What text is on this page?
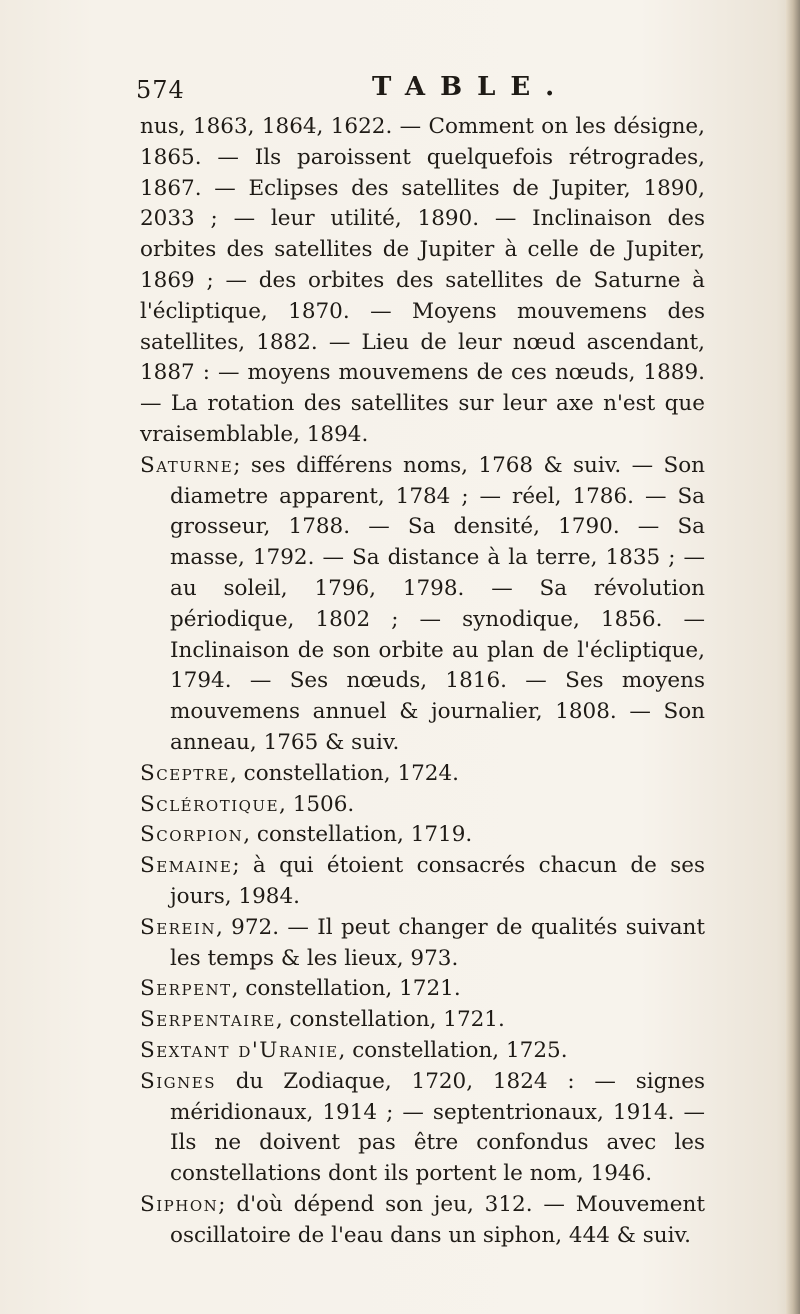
574	TABLE.

nus, 1863, 1864, 1622. — Comment on les désigne, 1865. — Ils paroissent quelquefois rétrogrades, 1867. — Eclipses des satellites de Jupiter, 1890, 2033 ; — leur utilité, 1890. — Inclinaison des orbites des satellites de Jupiter à celle de Jupiter, 1869 ; — des orbites des satellites de Saturne à l'écliptique, 1870. — Moyens mouvemens des satellites, 1882. — Lieu de leur nœud ascendant, 1887 : — moyens mouvemens de ces nœuds, 1889. — La rotation des satellites sur leur axe n'est que vraisemblable, 1894.

Saturne; ses différens noms, 1768 & suiv. — Son diametre apparent, 1784 ; — réel, 1786. — Sa grosseur, 1788. — Sa densité, 1790. — Sa masse, 1792. — Sa distance à la terre, 1835 ; — au soleil, 1796, 1798. — Sa révolution périodique, 1802 ; — synodique, 1856. — Inclinaison de son orbite au plan de l'écliptique, 1794. — Ses nœuds, 1816. — Ses moyens mouvemens annuel & journalier, 1808. — Son anneau, 1765 & suiv.

Sceptre, constellation, 1724.

Sclérotique, 1506.

Scorpion, constellation, 1719.

Semaine; à qui étoient consacrés chacun de ses jours, 1984.

Serein, 972. — Il peut changer de qualités suivant les temps & les lieux, 973.

Serpent, constellation, 1721.

Serpentaire, constellation, 1721.

Sextant d'Uranie, constellation, 1725.

Signes du Zodiaque, 1720, 1824 : — signes méridionaux, 1914 ; — septentrionaux, 1914. — Ils ne doivent pas être confondus avec les constellations dont ils portent le nom, 1946.

Siphon; d'où dépend son jeu, 312. — Mouvement oscillatoire de l'eau dans un siphon, 444 & suiv.
